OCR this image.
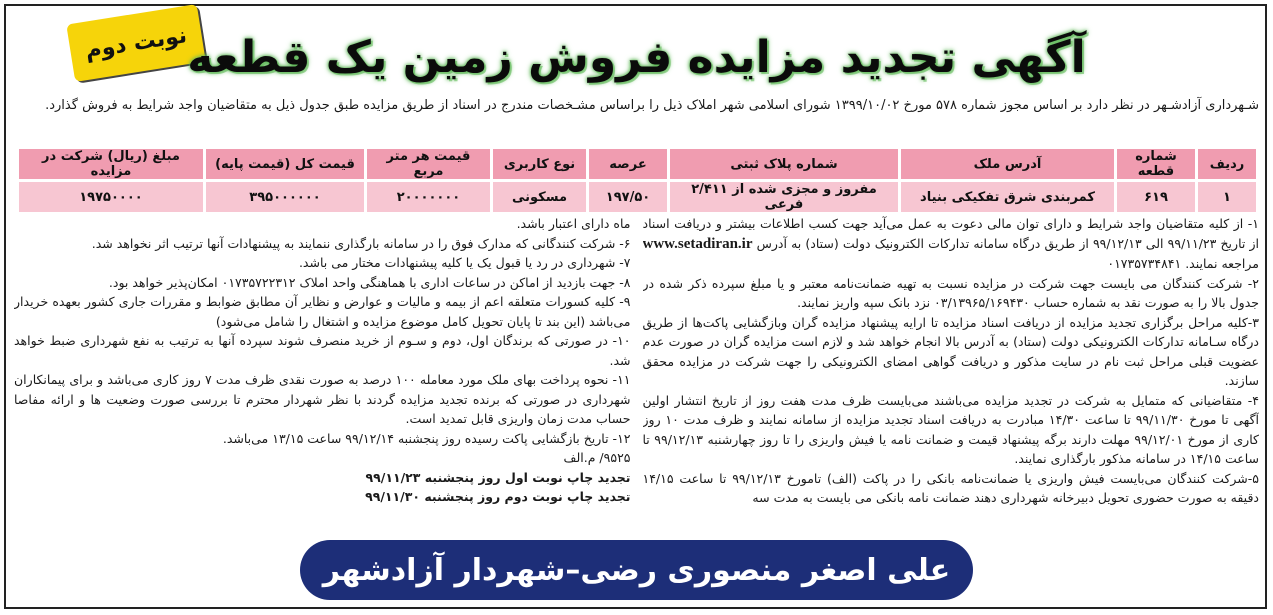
نوبت دوم
آگهی تجدید مزایده فروش زمین یک قطعه
شـهرداری آزادشـهر در نظر دارد بر اساس مجوز شماره ۵۷۸ مورخ ۱۳۹۹/۱۰/۰۲ شورای اسلامی شهر املاک ذیل را براساس مشـخصات مندرج در اسناد از طریق مزایده طبق جدول ذیل به متقاضیان واجد شرایط به فروش گذارد.
ردیف	شماره قطعه	آدرس ملک	شماره پلاک ثبتی	عرصه	نوع کاربری	قیمت هر متر مربع	قیمت کل (قیمت پایه)	مبلغ (ریال) شرکت در مزایده
۱	۶۱۹	کمربندی شرق تفکیکی بنیاد	مفروز و مجزی شده از ۲/۴۱۱ فرعی	۱۹۷/۵۰	مسکونی	۲۰۰۰۰۰۰۰	۳۹۵۰۰۰۰۰۰	۱۹۷۵۰۰۰۰

۱- از کلیه متقاضیان واجد شرایط و دارای توان مالی دعوت به عمل می‌آید جهت کسب اطلاعات بیشتر و دریافت اسناد از تاریخ ۹۹/۱۱/۲۳ الی ۹۹/۱۲/۱۳ از طریق درگاه سامانه تدارکات الکترونیک دولت (ستاد) به آدرس www.setadiran.ir مراجعه نمایند. ۰۱۷۳۵۷۳۴۸۴۱

۲- شرکت کنندگان می بایست جهت شرکت در مزایده نسبت به تهیه ضمانت‌نامه معتبر و یا مبلغ سپرده ذکر شده در جدول بالا را به صورت نقد به شماره حساب ۰۳/۱۳۹۶۵/۱۶۹۴۳۰ نزد بانک سپه واریز نمایند.

۳-کلیه مراحل برگزاری تجدید مزایده از دریافت اسناد مزایده تا ارایه پیشنهاد مزایده گران وبازگشایی پاکت‌ها از طریق درگاه سـامانه تدارکات الکترونیکی دولت (ستاد) به آدرس بالا انجام خواهد شد و لازم است مزایده گران در صورت عدم عضویت قبلی مراحل ثبت نام در سایت مذکور و دریافت گواهی امضای الکترونیکی را جهت شرکت در مزایده محقق سازند.

۴- متقاضیانی که متمایل به شرکت در تجدید مزایده می‌باشند می‌بایست ظرف مدت هفت روز از تاریخ انتشار اولین آگهی تا مورخ ۹۹/۱۱/۳۰ تا ساعت ۱۴/۳۰ مبادرت به دریافت اسناد تجدید مزایده از سامانه نمایند و ظرف مدت ۱۰ روز کاری از مورخ ۹۹/۱۲/۰۱ مهلت دارند برگه پیشنهاد قیمت و ضمانت نامه یا فیش واریزی را تا روز چهارشنبه ۹۹/۱۲/۱۳ تا ساعت ۱۴/۱۵ در سامانه مذکور بارگذاری نمایند.

۵-شرکت کنندگان می‌بایست فیش واریزی یا ضمانت‌نامه بانکی را در پاکت (الف) تامورخ ۹۹/۱۲/۱۳ تا ساعت ۱۴/۱۵ دقیقه به صورت حضوری تحویل دبیرخانه شهرداری دهند ضمانت نامه بانکی می بایست به مدت سه

ماه دارای اعتبار باشد.

۶- شرکت کنندگانی که مدارک فوق را در سامانه بارگذاری ننمایند به پیشنهادات آنها ترتیب اثر نخواهد شد.

۷- شهرداری در رد یا قبول یک یا کلیه پیشنهادات مختار می باشد.

۸- جهت بازدید از اماکن در ساعات اداری با هماهنگی واحد املاک ۰۱۷۳۵۷۲۲۳۱۲ امکان‌پذیر خواهد بود.

۹- کلیه کسورات متعلقه اعم از بیمه و مالیات و عوارض و نظایر آن مطابق ضوابط و مقررات جاری کشور بعهده خریدار می‌باشد (این بند تا پایان تحویل کامل موضوع مزایده و اشتغال را شامل می‌شود)

۱۰- در صورتی که برندگان اول، دوم و سـوم از خرید منصرف شوند سپرده آنها به ترتیب به نفع شهرداری ضبط خواهد شد.

۱۱- نحوه پرداخت بهای ملک مورد معامله ۱۰۰ درصد به صورت نقدی ظرف مدت ۷ روز کاری می‌باشد و برای پیمانکاران شهرداری در صورتی که برنده تجدید مزایده گردند با نظر شهردار محترم تا بررسی صورت وضعیت ها و ارائه مفاصا حساب مدت زمان واریزی قابل تمدید است.

۱۲- تاریخ بازگشایی پاکت رسیده روز پنجشنبه ۹۹/۱۲/۱۴ ساعت ۱۳/۱۵ می‌باشد.

۹۵۲۵/ م.الف

تجدید چاپ نوبت اول روز پنجشنبه ۹۹/۱۱/۲۳

تجدید چاپ نوبت دوم روز پنجشنبه ۹۹/۱۱/۳۰

علی اصغر منصوری رضی–شهردار آزادشهر
